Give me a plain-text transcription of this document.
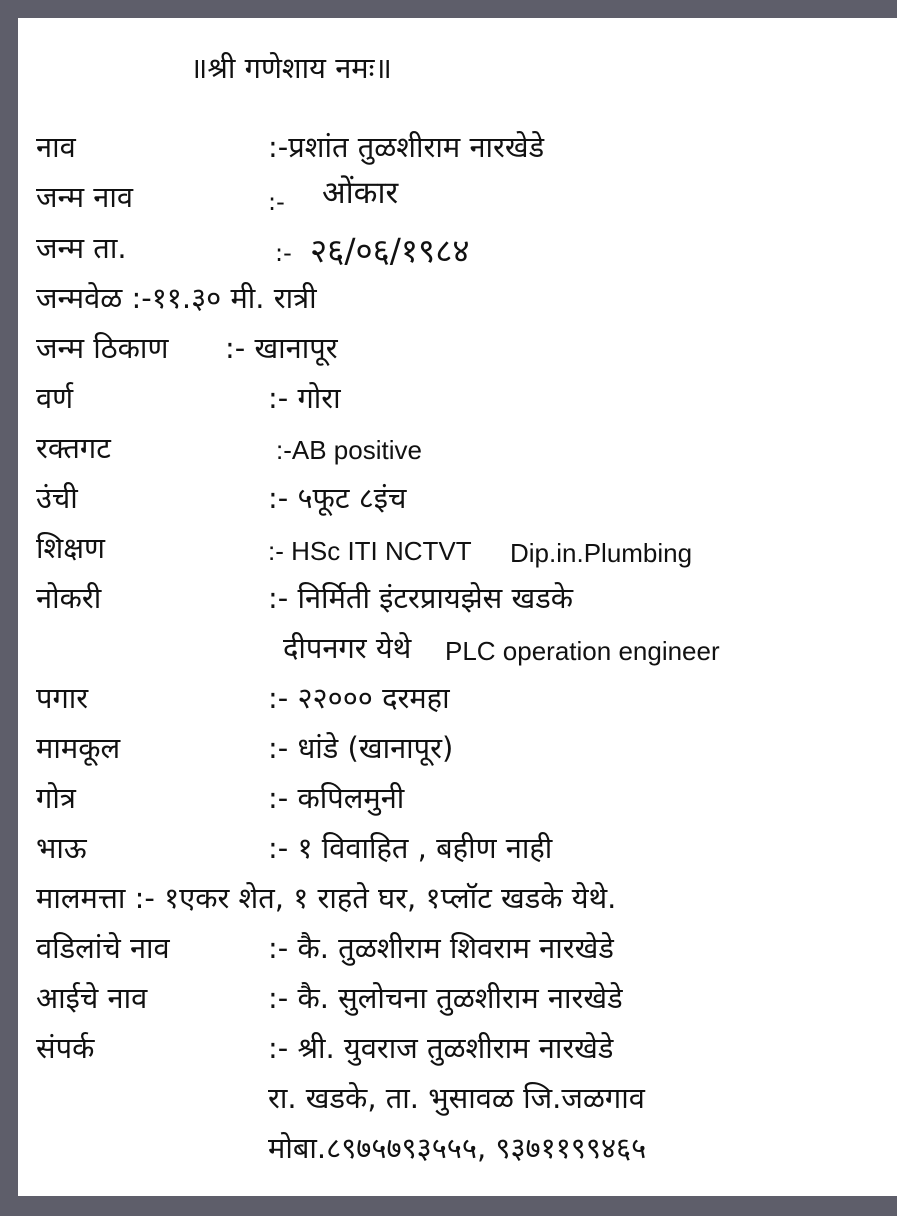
॥श्री गणेशाय नमः॥
नाव	:-प्रशांत तुळशीराम नारखेडे
जन्म नाव	:- ओंकार
जन्म ता.	:- २६/०६/१९८४
जन्मवेळ :-११.३० मी. रात्री
जन्म ठिकाण :- खानापूर
वर्ण	:- गोरा
रक्तगट	:-AB positive
उंची	:- ५फूट ८इंच
शिक्षण	:- HSc ITI NCTVT Dip.in.Plumbing
नोकरी	:- निर्मिती इंटरप्रायझेस खडके
दीपनगर येथे PLC operation engineer
पगार	:- २२००० दरमहा
मामकूल	:- धांडे (खानापूर)
गोत्र	:- कपिलमुनी
भाऊ	:- १ विवाहित , बहीण नाही
मालमत्ता :- १एकर शेत, १ राहते घर, १प्लॉट खडके येथे.
वडिलांचे नाव	:- कै. तुळशीराम शिवराम नारखेडे
आईचे नाव	:- कै. सुलोचना तुळशीराम नारखेडे
संपर्क	:- श्री. युवराज तुळशीराम नारखेडे
रा. खडके, ता. भुसावळ जि.जळगाव
मोबा.८९७५७९३५५५, ९३७११९९४६५
